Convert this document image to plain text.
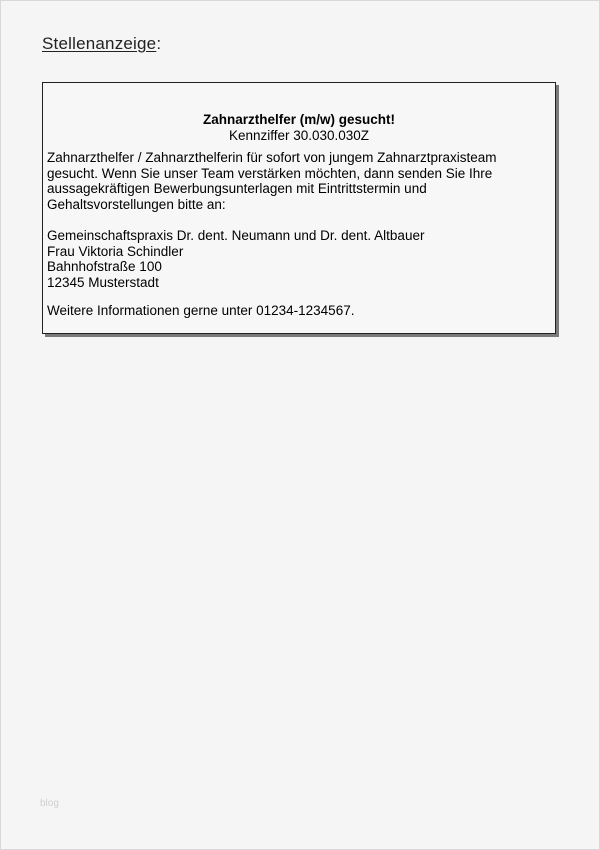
Stellenanzeige:
Zahnarzthelfer (m/w) gesucht!
Kennziffer 30.030.030Z
Zahnarzthelfer / Zahnarzthelferin für sofort von jungem Zahnarztpraxisteam gesucht. Wenn Sie unser Team verstärken möchten, dann senden Sie Ihre aussagekräftigen Bewerbungsunterlagen mit Eintrittstermin und Gehaltsvorstellungen bitte an:
Gemeinschaftspraxis Dr. dent. Neumann und Dr. dent. Altbauer
Frau Viktoria Schindler
Bahnhofstraße 100
12345 Musterstadt
Weitere Informationen gerne unter 01234-1234567.
blog
